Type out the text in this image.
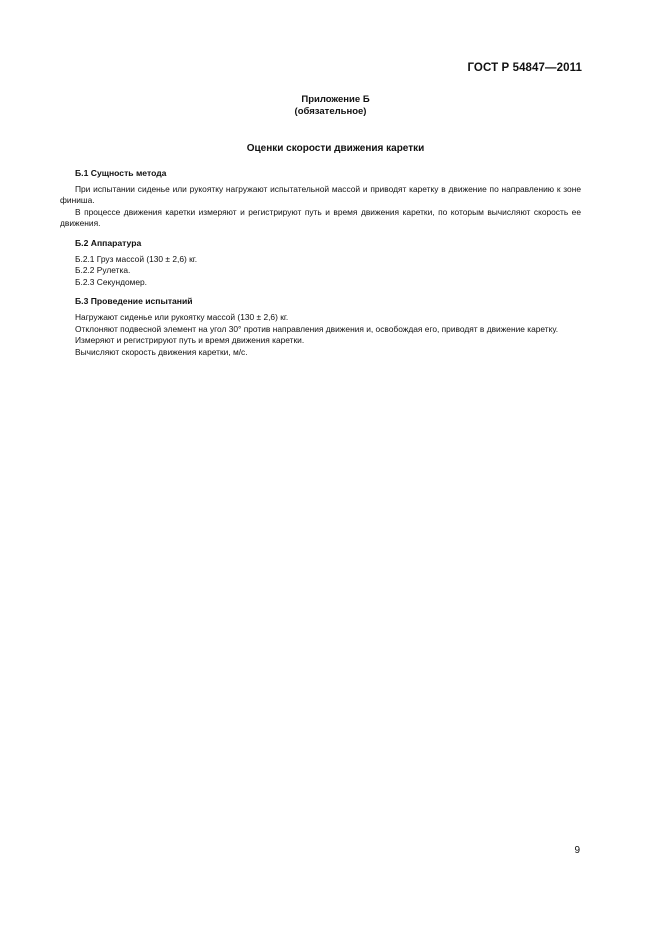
ГОСТ Р 54847—2011
Приложение Б
(обязательное)
Оценки скорости движения каретки
Б.1 Сущность метода

При испытании сиденье или рукоятку нагружают испытательной массой и приводят каретку в движение по направлению к зоне финиша.

В процессе движения каретки измеряют и регистрируют путь и время движения каретки, по которым вычисляют скорость ее движения.

Б.2 Аппаратура

Б.2.1 Груз массой (130 ± 2,6) кг.

Б.2.2 Рулетка.

Б.2.3 Секундомер.

Б.3 Проведение испытаний

Нагружают сиденье или рукоятку массой (130 ± 2,6) кг.

Отклоняют подвесной элемент на угол 30° против направления движения и, освобождая его, приводят в движение каретку.

Измеряют и регистрируют путь и время движения каретки.

Вычисляют скорость движения каретки, м/с.

9
